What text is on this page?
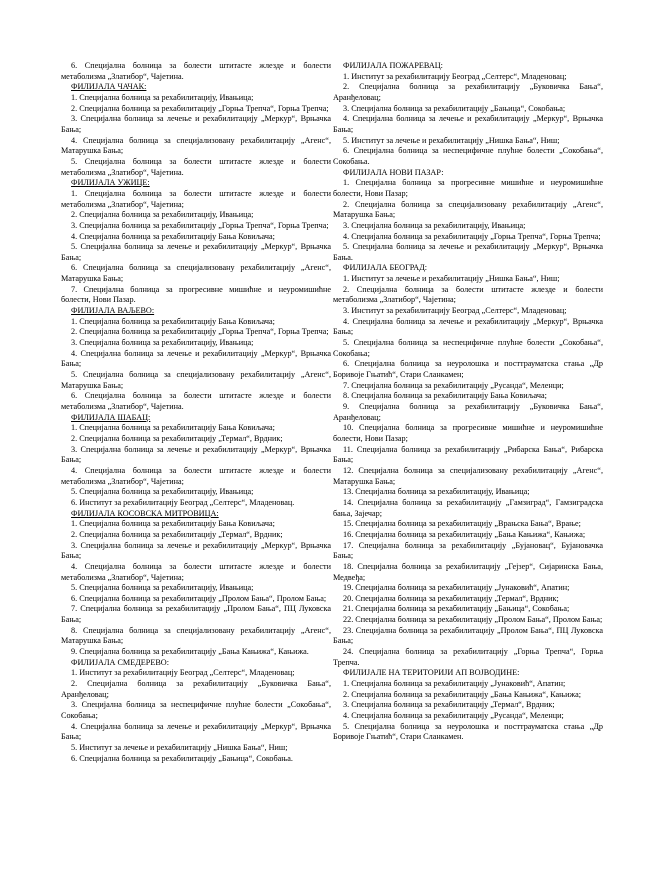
6. Специјална болница за болести штитасте жлезде и болести метаболизма „Златибор“, Чајетина.

ФИЛИЈАЛА ЧАЧАК:

1. Специјална болница за рехабилитацију, Ивањица;

2. Специјална болница за рехабилитацију „Горња Трепча“, Горња Трепча;

3. Специјална болница за лечење и рехабилитацију „Меркур“, Врњачка Бања;

4. Специјална болница за специјализовану рехабилитацију „Агенс“, Матарушка Бања;

5. Специјална болница за болести штитасте жлезде и болести метаболизма „Златибор“, Чајетина.

ФИЛИЈАЛА УЖИЦЕ:

1. Специјална болница за болести штитасте жлезде и болести метаболизма „Златибор“, Чајетина;

2. Специјална болница за рехабилитацију, Ивањица;

3. Специјална болница за рехабилитацију „Горња Трепча“, Горња Трепча;

4. Специјална болница за рехабилитацију Бања Ковиљача;

5. Специјална болница за лечење и рехабилитацију „Меркур“, Врњачка Бања;

6. Специјална болница за специјализовану рехабилитацију „Агенс“, Матарушка Бања;

7. Специјална болница за прогресивне мишићне и неуромишићне болести, Нови Пазар.

ФИЛИЈАЛА ВАЉЕВО:

1. Специјална болница за рехабилитацију Бања Ковиљача;

2. Специјална болница за рехабилитацију „Горња Трепча“, Горња Трепча;

3. Специјална болница за рехабилитацију, Ивањица;

4. Специјална болница за лечење и рехабилитацију „Меркур“, Врњачка Бања;

5. Специјална болница за специјализовану рехабилитацију „Агенс“, Матарушка Бања;

6. Специјална болница за болести штитасте жлезде и болести метаболизма „Златибор“, Чајетина.

ФИЛИЈАЛА ШАБАЦ:

1. Специјална болница за рехабилитацију Бања Ковиљача;

2. Специјална болница за рехабилитацију „Термал“, Врдник;

3. Специјална болница за лечење и рехабилитацију „Меркур“, Врњачка Бања;

4. Специјална болница за болести штитасте жлезде и болести метаболизма „Златибор“, Чајетина;

5. Специјална болница за рехабилитацију, Ивањица;

6. Институт за рехабилитацију Београд „Селтерс“, Младеновац.

ФИЛИЈАЛА КОСОВСКА МИТРОВИЦА:

1. Специјална болница за рехабилитацију Бања Ковиљача;

2. Специјална болница за рехабилитацију „Термал“, Врдник;

3. Специјална болница за лечење и рехабилитацију „Меркур“, Врњачка Бања;

4. Специјална болница за болести штитасте жлезде и болести метаболизма „Златибор“, Чајетина;

5. Специјална болница за рехабилитацију, Ивањица;

6. Специјална болница за рехабилитацију „Пролом Бања“, Пролом Бања;

7. Специјална болница за рехабилитацију „Пролом Бања“, ПЦ Луковска Бања;

8. Специјална болница за специјализовану рехабилитацију „Агенс“, Матарушка Бања;

9. Специјална болница за рехабилитацију „Бања Кањижа“, Кањижа.

ФИЛИЈАЛА СМЕДЕРЕВО:

1. Институт за рехабилитацију Београд „Селтерс“, Младеновац;

2. Специјална болница за рехабилитацију „Буковичка Бања“, Аранђеловац;

3. Специјална болница за неспецифичне плућне болести „Сокобања“, Сокобања;

4. Специјална болница за лечење и рехабилитацију „Меркур“, Врњачка Бања;

5. Институт за лечење и рехабилитацију „Нишка Бања“, Ниш;

6. Специјална болница за рехабилитацију „Бањица“, Сокобања.

ФИЛИЈАЛА ПОЖАРЕВАЦ:

1. Институт за рехабилитацију Београд „Селтерс“, Младеновац;

2. Специјална болница за рехабилитацију „Буковичка Бања“, Аранђеловац;

3. Специјална болница за рехабилитацију „Бањица“, Сокобања;

4. Специјална болница за лечење и рехабилитацију „Меркур“, Врњачка Бања;

5. Институт за лечење и рехабилитацију „Нишка Бања“, Ниш;

6. Специјална болница за неспецифичне плућне болести „Сокобања“, Сокобања.

ФИЛИЈАЛА НОВИ ПАЗАР:

1. Специјална болница за прогресивне мишићне и неуромишићне болести, Нови Пазар;

2. Специјална болница за специјализовану рехабилитацију „Агенс“, Матарушка Бања;

3. Специјална болница за рехабилитацију, Ивањица;

4. Специјална болница за рехабилитацију „Горња Трепча“, Горња Трепча;

5. Специјална болница за лечење и рехабилитацију „Меркур“, Врњачка Бања.

ФИЛИЈАЛА БЕОГРАД:

1. Институт за лечење и рехабилитацију „Нишка Бања“, Ниш;

2. Специјална болница за болести штитасте жлезде и болести метаболизма „Златибор“, Чајетина;

3. Институт за рехабилитацију Београд „Селтерс“, Младеновац;

4. Специјална болница за лечење и рехабилитацију „Меркур“, Врњачка Бања;

5. Специјална болница за неспецифичне плућне болести „Сокобања“, Сокобања;

6. Специјална болница за неуролошка и посттрауматска стања „Др Боривоје Гњатић“, Стари Сланкамен;

7. Специјална болница за рехабилитацију „Русанда“, Меленци;

8. Специјална болница за рехабилитацију Бања Ковиљача;

9. Специјална болница за рехабилитацију „Буковичка Бања“, Аранђеловац;

10. Специјална болница за прогресивне мишићне и неуромишићне болести, Нови Пазар;

11. Специјална болница за рехабилитацију „Рибарска Бања“, Рибарска Бања;

12. Специјална болница за специјализовану рехабилитацију „Агенс“, Матарушка Бања;

13. Специјална болница за рехабилитацију, Ивањица;

14. Специјална болница за рехабилитацију „Гамзиград“, Гамзиградска бања, Зајечар;

15. Специјална болница за рехабилитацију „Врањска Бања“, Врање;

16. Специјална болница за рехабилитацију „Бања Кањижа“, Кањижа;

17. Специјална болница за рехабилитацију „Бујановац“, Бујановачка Бања;

18. Специјална болница за рехабилитацију „Гејзер“, Сијаринска Бања, Медвеђа;

19. Специјална болница за рехабилитацију „Јунаковић“, Апатин;

20. Специјална болница за рехабилитацију „Термал“, Врдник;

21. Специјална болница за рехабилитацију „Бањица“, Сокобања;

22. Специјална болница за рехабилитацију „Пролом Бања“, Пролом Бања;

23. Специјална болница за рехабилитацију „Пролом Бања“, ПЦ Луковска Бања;

24. Специјална болница за рехабилитацију „Горња Трепча“, Горња Трепча.

ФИЛИЈАЛЕ НА ТЕРИТОРИЈИ АП ВОЈВОДИНЕ:

1. Специјална болница за рехабилитацију „Јунаковић“, Апатин;

2. Специјална болница за рехабилитацију „Бања Кањижа“, Кањижа;

3. Специјална болница за рехабилитацију „Термал“, Врдник;

4. Специјална болница за рехабилитацију „Русанда“, Меленци;

5. Специјална болница за неуролошка и посттрауматска стања „Др Боривоје Гњатић“, Стари Сланкамен.
